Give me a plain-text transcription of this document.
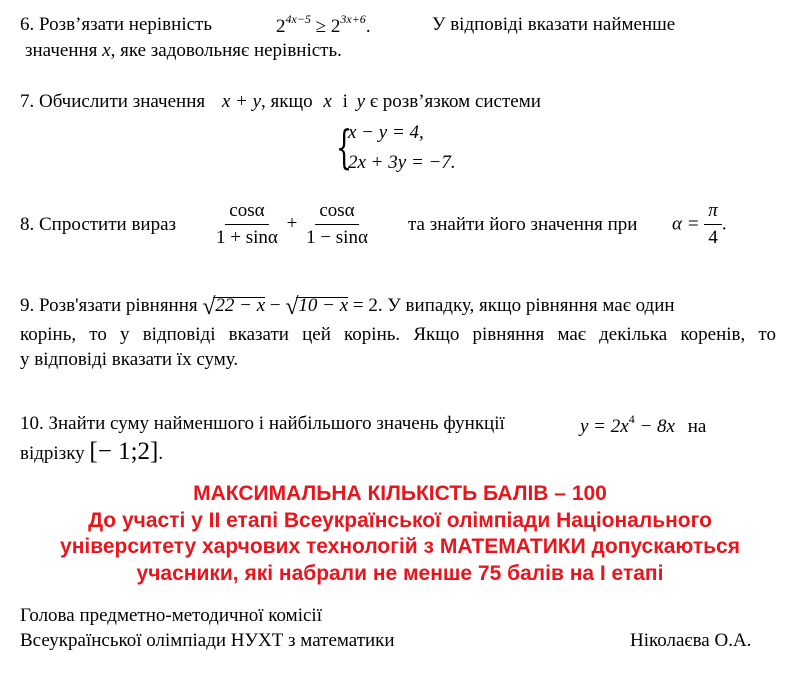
6. Розв’язати нерівність	$2^{4x-5} \ge 2^{3x+6}$.	У відповіді вказати найменше
значення x, яке задовольняє нерівність.
7. Обчислити значення x + y, якщо x і y є розв’язком системи
{
x − y = 4,
2x + 3y = −7.
8. Спростити вираз $\frac{\cos\alpha}{1 + \sin\alpha} + \frac{\cos\alpha}{1 - \sin\alpha}$ та знайти його значення при $\alpha = \frac{\pi}{4}$ .
9. Розв'язати рівняння √ 22 − x − √ 10 − x = 2. У випадку, якщо рівняння має один
корінь, то у відповіді вказати цей корінь. Якщо рівняння має декілька коренів, то
у відповіді вказати їх суму.
10. Знайти суму найменшого і найбільшого значень функції	$y = 2x^4 - 8x$ на
відрізку [− 1;2].
МАКСИМАЛЬНА КІЛЬКІСТЬ БАЛІВ – 100
До участі у ІІ етапі Всеукраїнської олімпіади Національного
університету харчових технологій з МАТЕМАТИКИ допускаються
учасники, які набрали не менше 75 балів на І етапі
Голова предметно-методичної комісії
Всеукраїнської олімпіади НУХТ з математики	Ніколаєва О.А.
